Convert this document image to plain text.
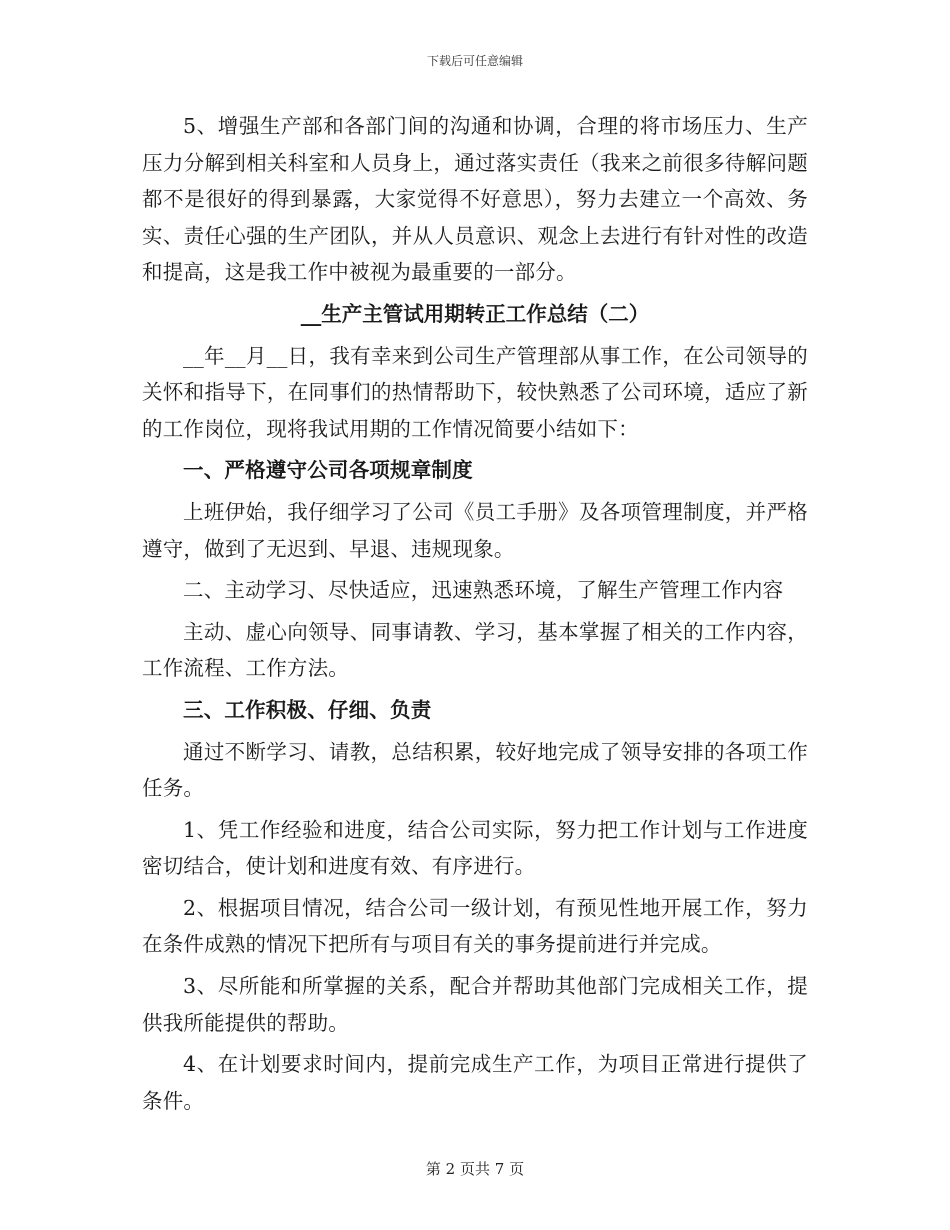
下载后可任意编辑

5、增强生产部和各部门间的沟通和协调，合理的将市场压力、生产压力分解到相关科室和人员身上，通过落实责任（我来之前很多待解问题都不是很好的得到暴露，大家觉得不好意思），努力去建立一个高效、务实、责任心强的生产团队，并从人员意识、观念上去进行有针对性的改造和提高，这是我工作中被视为最重要的一部分。

__生产主管试用期转正工作总结（二）

__年__月__日，我有幸来到公司生产管理部从事工作，在公司领导的关怀和指导下，在同事们的热情帮助下，较快熟悉了公司环境，适应了新的工作岗位，现将我试用期的工作情况简要小结如下：

一、严格遵守公司各项规章制度

上班伊始，我仔细学习了公司《员工手册》及各项管理制度，并严格遵守，做到了无迟到、早退、违规现象。

二、主动学习、尽快适应，迅速熟悉环境，了解生产管理工作内容

主动、虚心向领导、同事请教、学习，基本掌握了相关的工作内容，工作流程、工作方法。

三、工作积极、仔细、负责

通过不断学习、请教，总结积累，较好地完成了领导安排的各项工作任务。

1、凭工作经验和进度，结合公司实际，努力把工作计划与工作进度密切结合，使计划和进度有效、有序进行。

2、根据项目情况，结合公司一级计划，有预见性地开展工作，努力在条件成熟的情况下把所有与项目有关的事务提前进行并完成。

3、尽所能和所掌握的关系，配合并帮助其他部门完成相关工作，提供我所能提供的帮助。

4、在计划要求时间内，提前完成生产工作，为项目正常进行提供了条件。

第 2 页共 7 页
